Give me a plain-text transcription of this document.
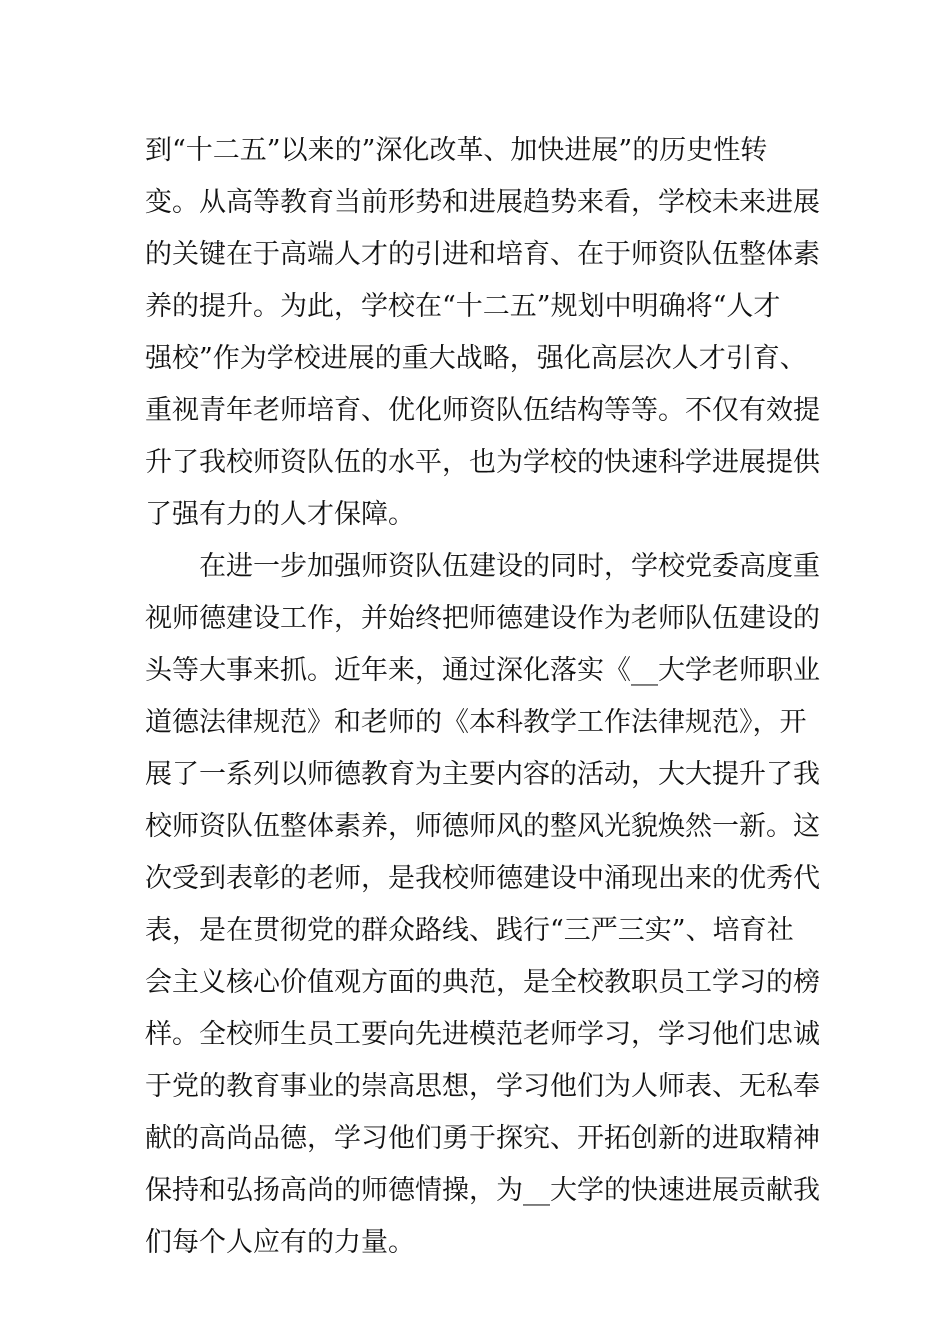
到“十二五”以来的”深化改革、加快进展”的历史性转
变。从高等教育当前形势和进展趋势来看，学校未来进展
的关键在于高端人才的引进和培育、在于师资队伍整体素
养的提升。为此，学校在“十二五”规划中明确将“人才
强校”作为学校进展的重大战略，强化高层次人才引育、
重视青年老师培育、优化师资队伍结构等等。不仅有效提
升了我校师资队伍的水平，也为学校的快速科学进展提供
了强有力的人才保障。
在进一步加强师资队伍建设的同时，学校党委高度重
视师德建设工作，并始终把师德建设作为老师队伍建设的
头等大事来抓。近年来，通过深化落实《__大学老师职业
道德法律规范》和老师的《本科教学工作法律规范》，开
展了一系列以师德教育为主要内容的活动，大大提升了我
校师资队伍整体素养，师德师风的整风光貌焕然一新。这
次受到表彰的老师，是我校师德建设中涌现出来的优秀代
表，是在贯彻党的群众路线、践行“三严三实”、培育社
会主义核心价值观方面的典范，是全校教职员工学习的榜
样。全校师生员工要向先进模范老师学习，学习他们忠诚
于党的教育事业的崇高思想，学习他们为人师表、无私奉
献的高尚品德，学习他们勇于探究、开拓创新的进取精神
保持和弘扬高尚的师德情操，为__大学的快速进展贡献我
们每个人应有的力量。
